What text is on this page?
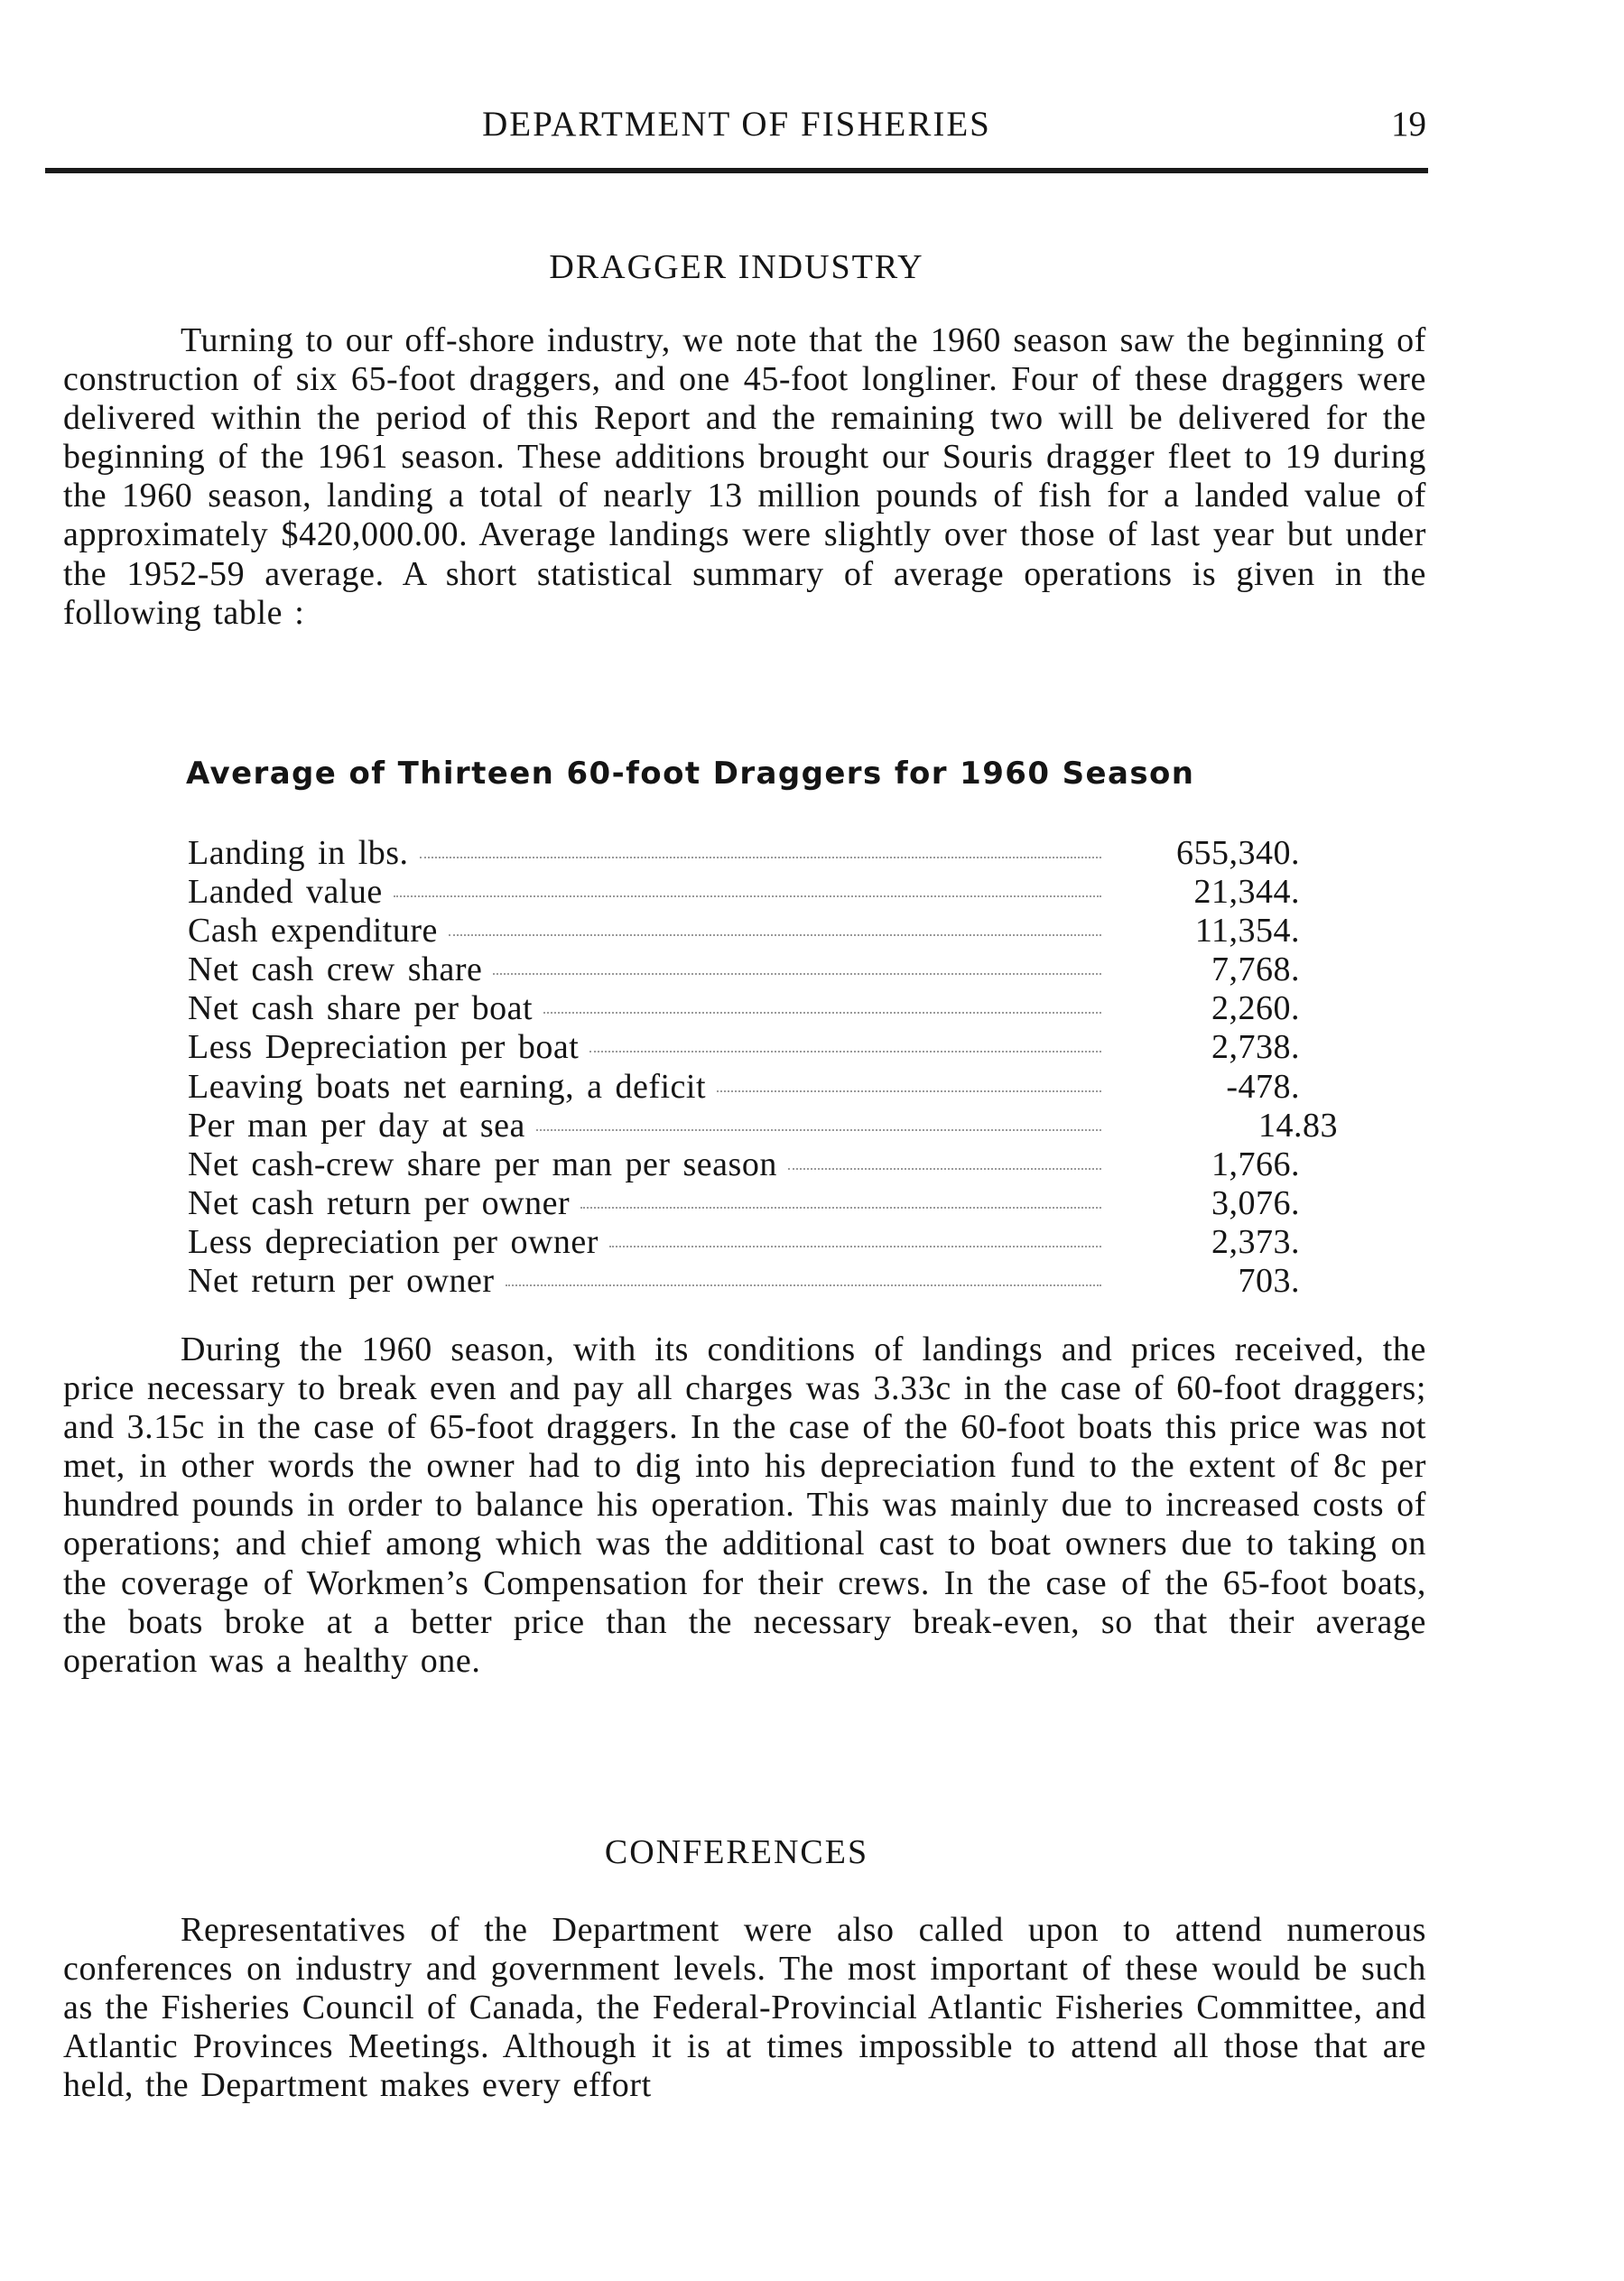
DEPARTMENT OF FISHERIES	19
DRAGGER INDUSTRY

Turning to our off-shore industry, we note that the 1960 season saw the beginning of construction of six 65-foot draggers, and one 45-foot longliner. Four of these draggers were delivered within the period of this Report and the remaining two will be delivered for the beginning of the 1961 season. These additions brought our Souris dragger fleet to 19 during the 1960 season, landing a total of nearly 13 million pounds of fish for a landed value of approximately $420,000.00. Average landings were slightly over those of last year but under the 1952-59 average. A short statistical summary of average operations is given in the following table :

Average of Thirteen 60-foot Draggers for 1960 Season
Landing in lbs.	655,340.
Landed value	21,344.
Cash expenditure	11,354.
Net cash crew share	7,768.
Net cash share per boat	2,260.
Less Depreciation per boat	2,738.
Leaving boats net earning, a deficit	-478.
Per man per day at sea	14.83
Net cash-crew share per man per season	1,766.
Net cash return per owner	3,076.
Less depreciation per owner	2,373.
Net return per owner	703.

During the 1960 season, with its conditions of landings and prices received, the price necessary to break even and pay all charges was 3.33c in the case of 60-foot draggers; and 3.15c in the case of 65-foot draggers. In the case of the 60-foot boats this price was not met, in other words the owner had to dig into his depreciation fund to the extent of 8c per hundred pounds in order to balance his operation. This was mainly due to increased costs of operations; and chief among which was the additional cast to boat owners due to taking on the coverage of Workmen’s Compensation for their crews. In the case of the 65-foot boats, the boats broke at a better price than the necessary break-even, so that their average operation was a healthy one.

CONFERENCES

Representatives of the Department were also called upon to attend numerous conferences on industry and government levels. The most important of these would be such as the Fisheries Council of Canada, the Federal-Provincial Atlantic Fisheries Committee, and Atlantic Provinces Meetings. Although it is at times impossible to attend all those that are held, the Department makes every effort
